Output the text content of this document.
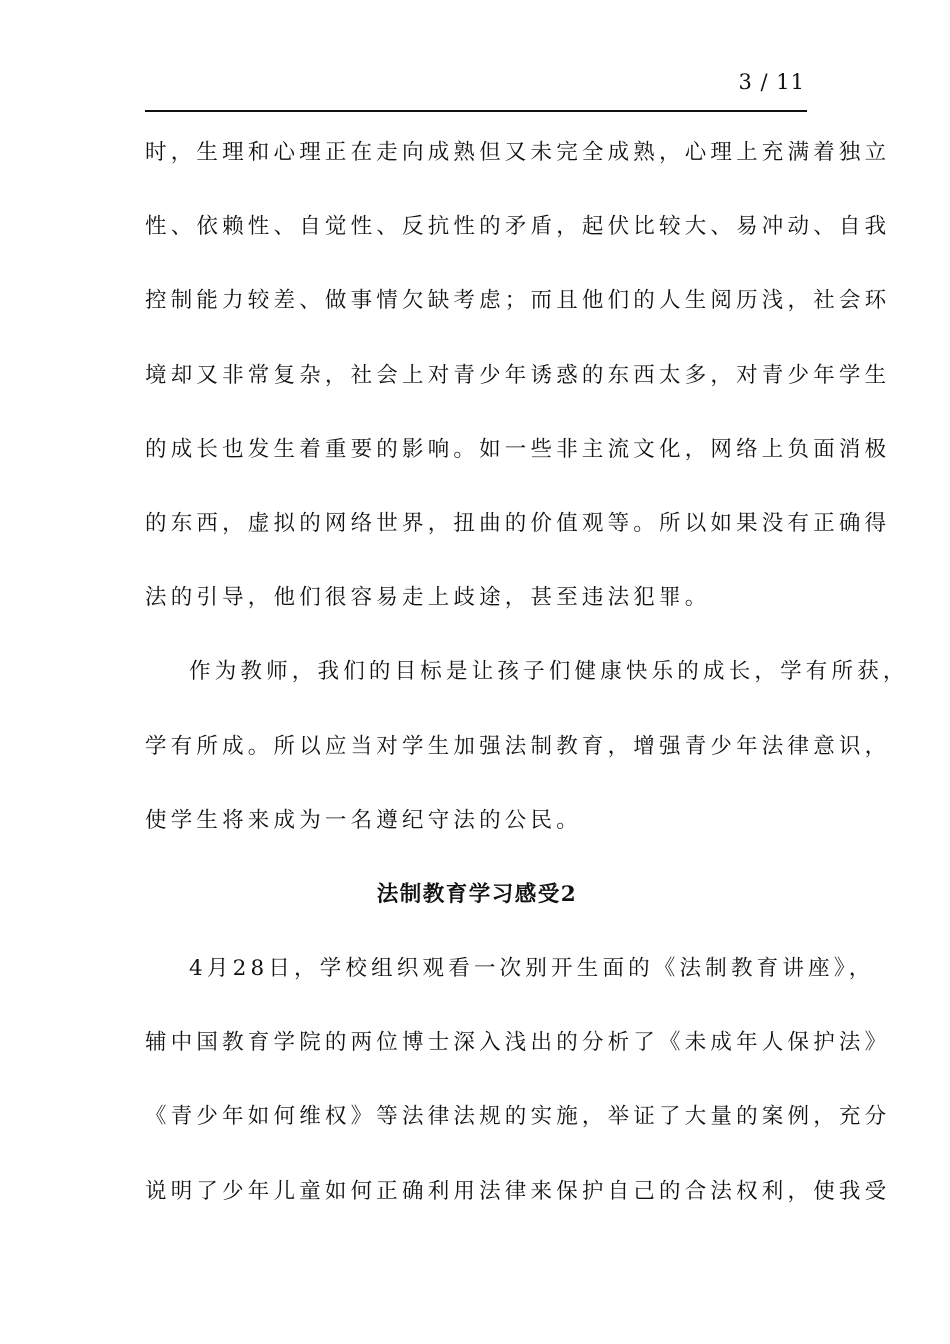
3 / 11
时，生理和心理正在走向成熟但又未完全成熟，心理上充满着独立
性、依赖性、自觉性、反抗性的矛盾，起伏比较大、易冲动、自我
控制能力较差、做事情欠缺考虑；而且他们的人生阅历浅，社会环
境却又非常复杂，社会上对青少年诱惑的东西太多，对青少年学生
的成长也发生着重要的影响。如一些非主流文化，网络上负面消极
的东西，虚拟的网络世界，扭曲的价值观等。所以如果没有正确得
法的引导，他们很容易走上歧途，甚至违法犯罪。
作为教师，我们的目标是让孩子们健康快乐的成长，学有所获，
学有所成。所以应当对学生加强法制教育，增强青少年法律意识，
使学生将来成为一名遵纪守法的公民。
法制教育学习感受2
4月28日，学校组织观看一次别开生面的《法制教育讲座》，
辅中国教育学院的两位博士深入浅出的分析了《未成年人保护法》
《青少年如何维权》等法律法规的实施，举证了大量的案例，充分
说明了少年儿童如何正确利用法律来保护自己的合法权利，使我受
